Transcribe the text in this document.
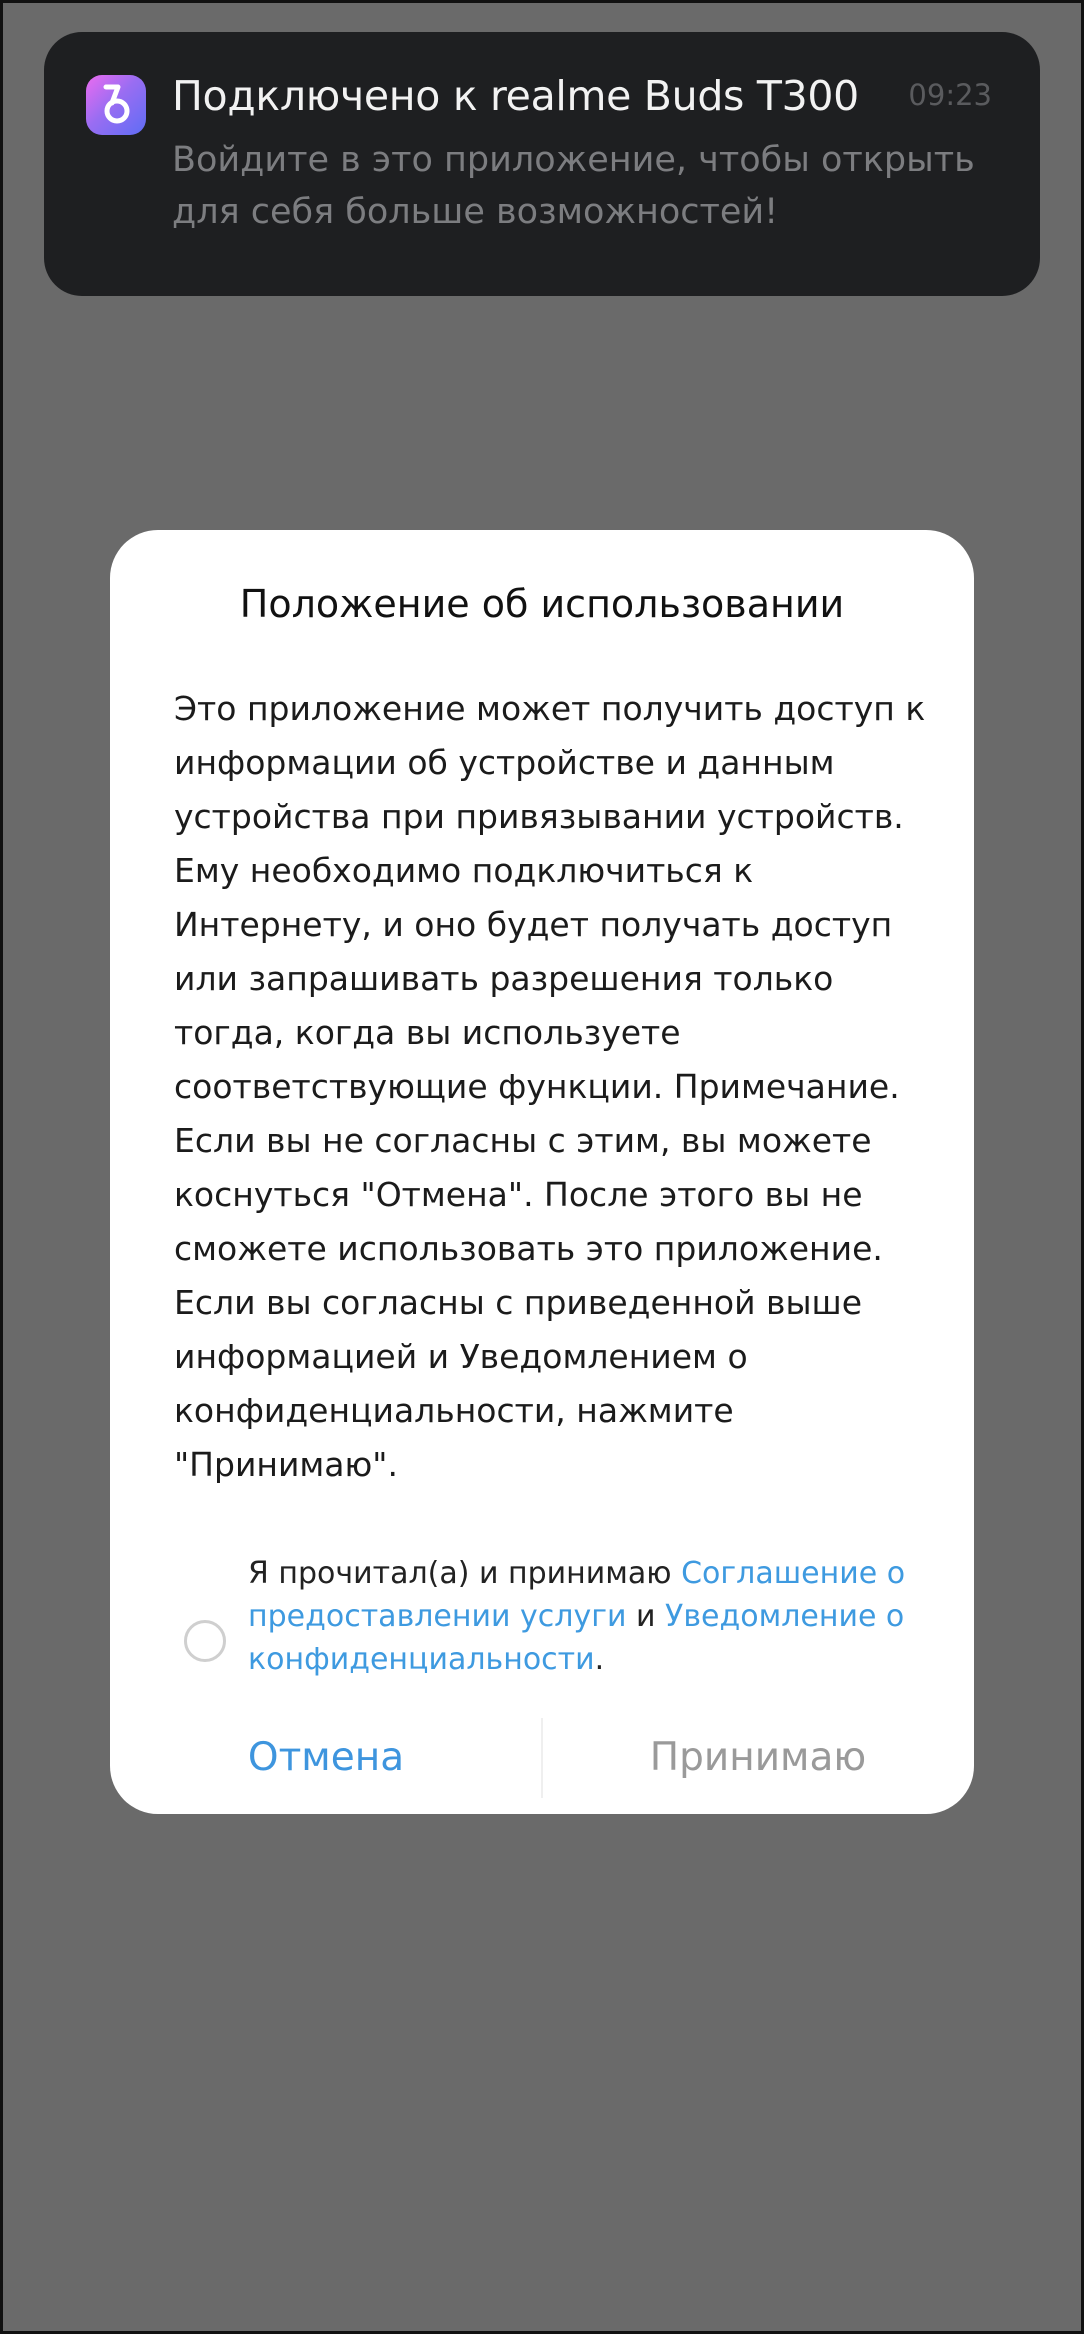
Подключено к realme Buds T300 09:23
Войдите в это приложение, чтобы открыть для себя больше возможностей!
Положение об использовании
Это приложение может получить доступ к информации об устройстве и данным устройства при привязывании устройств. Ему необходимо подключиться к Интернету, и оно будет получать доступ или запрашивать разрешения только тогда, когда вы используете соответствующие функции. Примечание. Если вы не согласны с этим, вы можете коснуться "Отмена". После этого вы не сможете использовать это приложение. Если вы согласны с приведенной выше информацией и Уведомлением о конфиденциальности, нажмите "Принимаю".
Я прочитал(а) и принимаю Соглашение о предоставлении услуги и Уведомление о конфиденциальности.
Отмена	Принимаю
